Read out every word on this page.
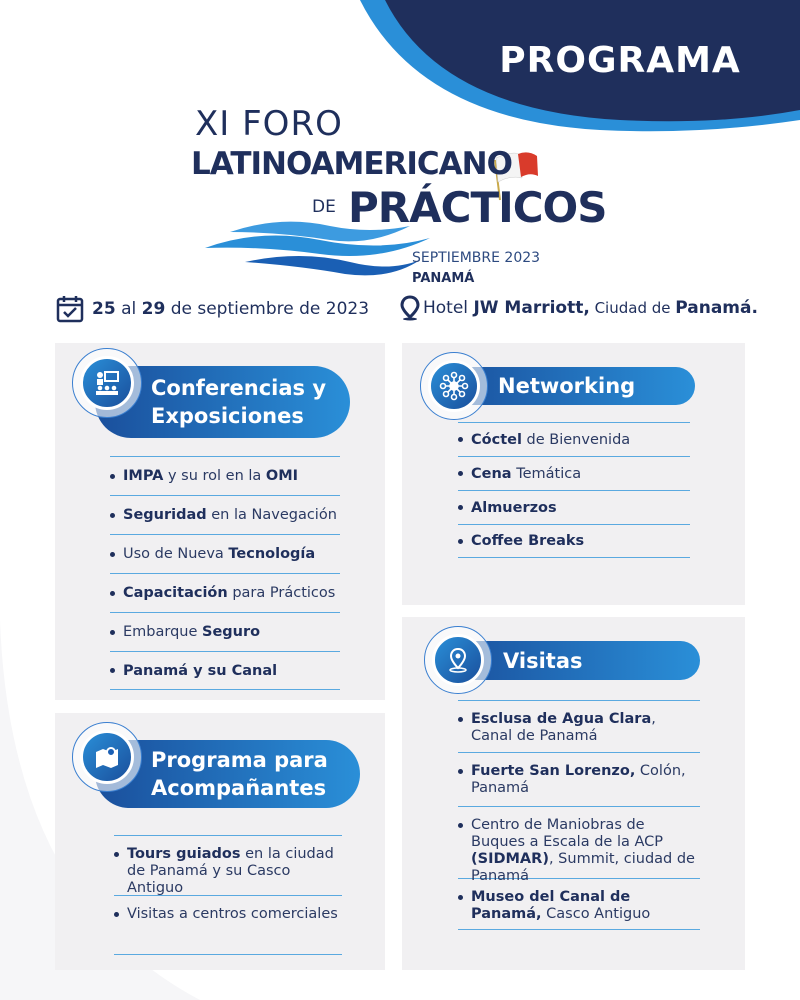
PROGRAMA
XI FORO
LATINOAMERICANO
DE PRÁCTICOS
SEPTIEMBRE 2023
PANAMÁ
25 al 29 de septiembre de 2023	Hotel JW Marriott, Ciudad de Panamá.
Conferencias y
Exposiciones
IMPA y su rol en la OMI
Seguridad en la Navegación
Uso de Nueva Tecnología
Capacitación para Prácticos
Embarque Seguro
Panamá y su Canal
Programa para
Acompañantes
Tours guiados en la ciudad de Panamá y su Casco Antiguo
Visitas a centros comerciales
Networking
Cóctel de Bienvenida
Cena Temática
Almuerzos
Coffee Breaks
Visitas
Esclusa de Agua Clara, Canal de Panamá
Fuerte San Lorenzo, Colón, Panamá
Centro de Maniobras de Buques a Escala de la ACP (SIDMAR), Summit, ciudad de Panamá
Museo del Canal de Panamá, Casco Antiguo
